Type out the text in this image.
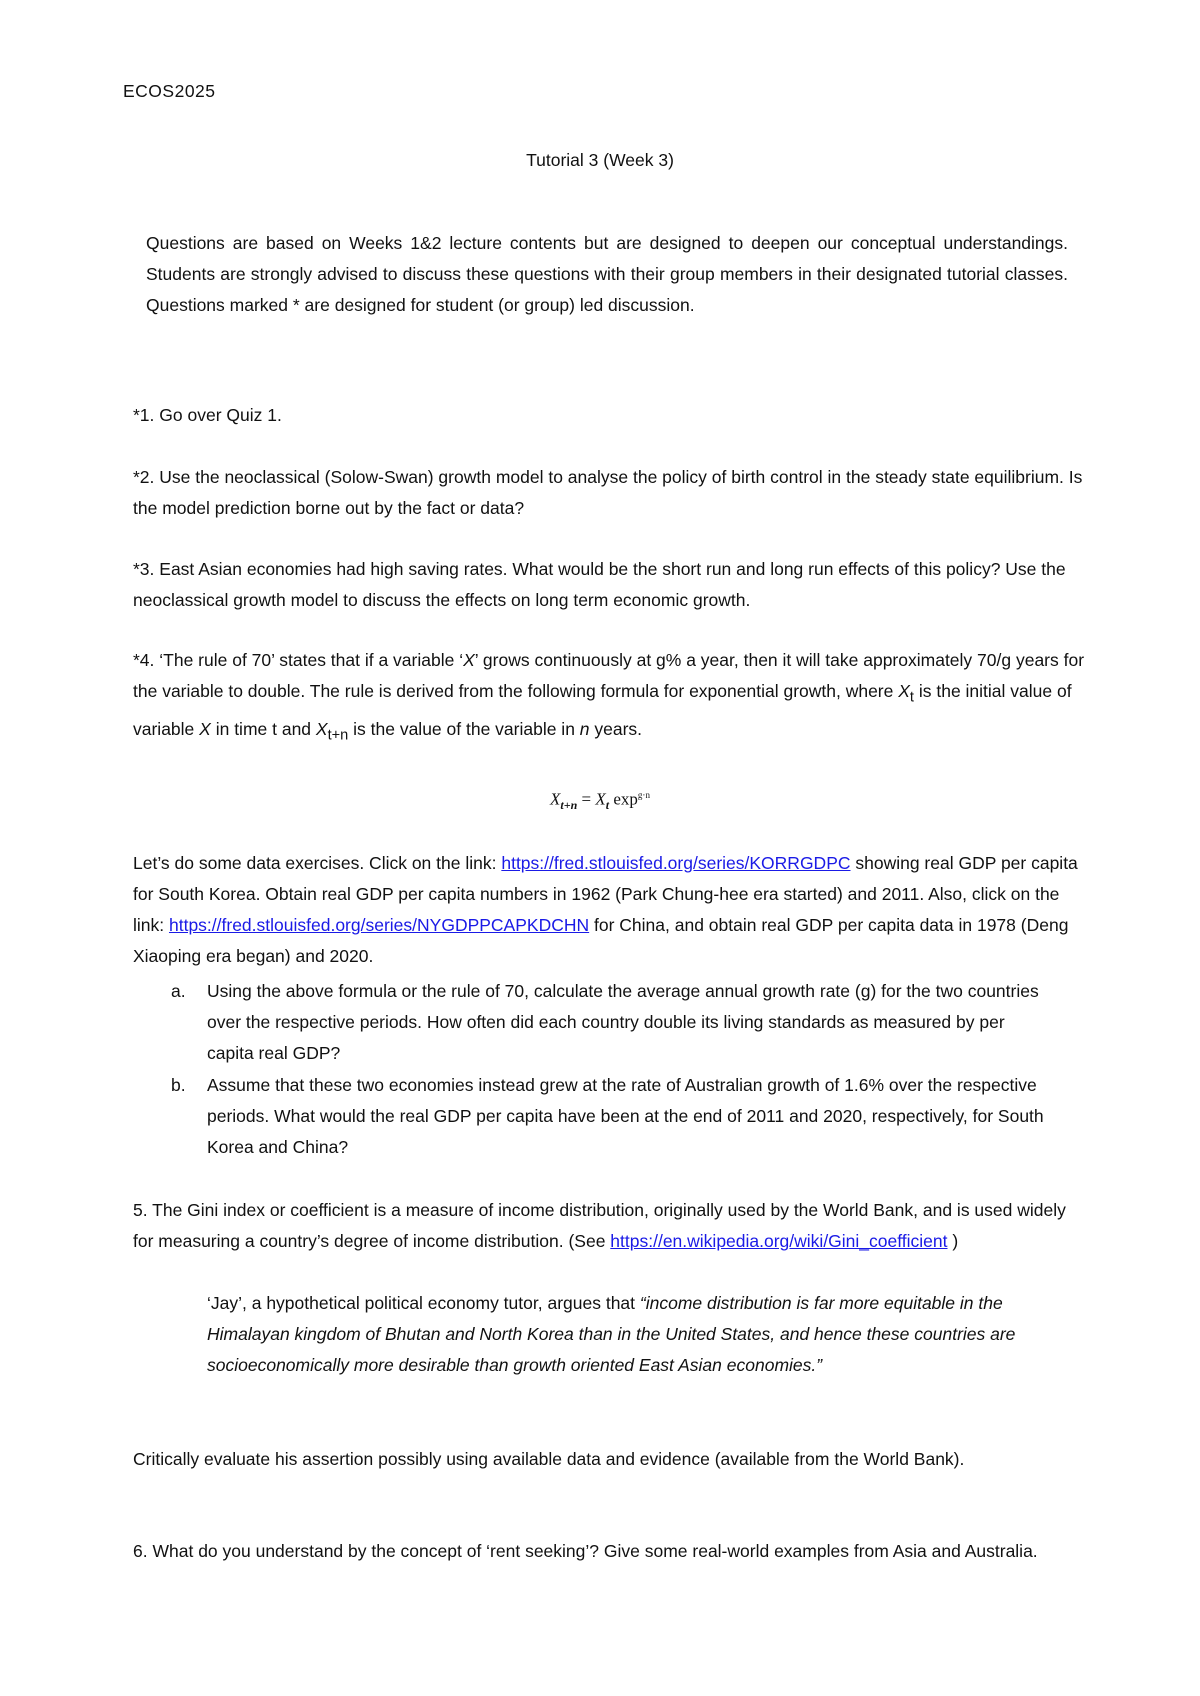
ECOS2025
Tutorial 3 (Week 3)
Questions are based on Weeks 1&2 lecture contents but are designed to deepen our conceptual understandings. Students are strongly advised to discuss these questions with their group members in their designated tutorial classes. Questions marked * are designed for student (or group) led discussion.
*1. Go over Quiz 1.
*2. Use the neoclassical (Solow-Swan) growth model to analyse the policy of birth control in the steady state equilibrium. Is the model prediction borne out by the fact or data?
*3. East Asian economies had high saving rates. What would be the short run and long run effects of this policy? Use the neoclassical growth model to discuss the effects on long term economic growth.
*4. ‘The rule of 70’ states that if a variable ‘X’ grows continuously at g% a year, then it will take approximately 70/g years for the variable to double. The rule is derived from the following formula for exponential growth, where $X_t$ is the initial value of variable X in time t and $X_{t+n}$ is the value of the variable in n years.
$X_{t+n} = X_t$ $\exp^{g\cdot n}$
Let’s do some data exercises. Click on the link: https://fred.stlouisfed.org/series/KORRGDPC showing real GDP per capita for South Korea. Obtain real GDP per capita numbers in 1962 (Park Chung-hee era started) and 2011. Also, click on the link: https://fred.stlouisfed.org/series/NYGDPPCAPKDCHN for China, and obtain real GDP per capita data in 1978 (Deng Xiaoping era began) and 2020.
a. Using the above formula or the rule of 70, calculate the average annual growth rate (g) for the two countries over the respective periods. How often did each country double its living standards as measured by per capita real GDP?
b. Assume that these two economies instead grew at the rate of Australian growth of 1.6% over the respective periods. What would the real GDP per capita have been at the end of 2011 and 2020, respectively, for South Korea and China?
5. The Gini index or coefficient is a measure of income distribution, originally used by the World Bank, and is used widely for measuring a country’s degree of income distribution. (See https://en.wikipedia.org/wiki/Gini_coefficient )
‘Jay’, a hypothetical political economy tutor, argues that “income distribution is far more equitable in the Himalayan kingdom of Bhutan and North Korea than in the United States, and hence these countries are socioeconomically more desirable than growth oriented East Asian economies.”
Critically evaluate his assertion possibly using available data and evidence (available from the World Bank).
6. What do you understand by the concept of ‘rent seeking’? Give some real-world examples from Asia and Australia.
